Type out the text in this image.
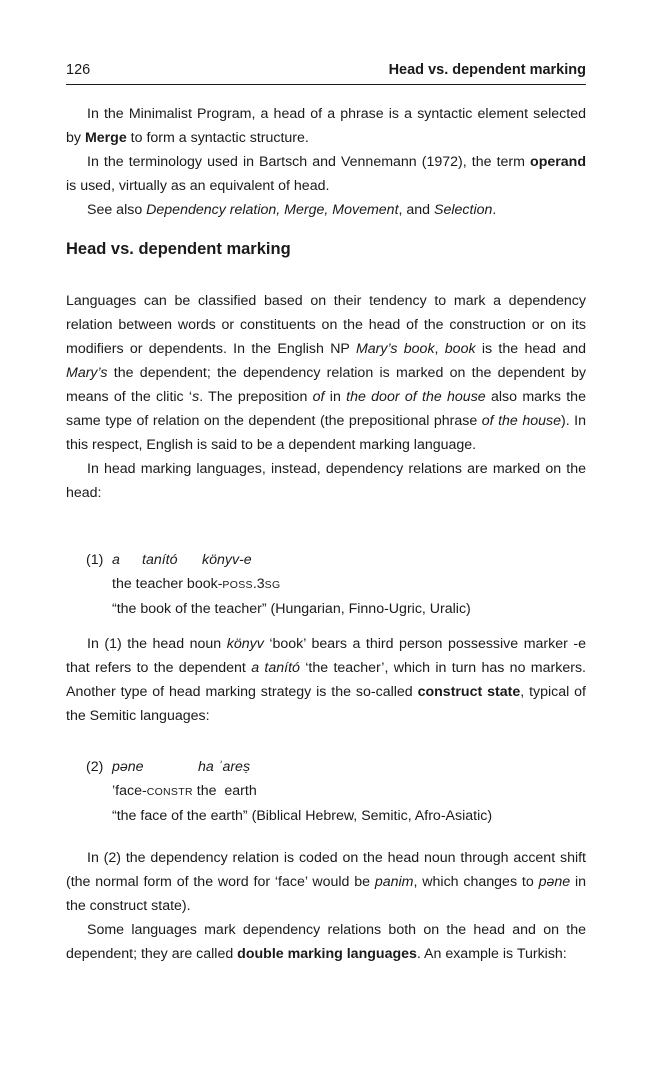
126	Head vs. dependent marking

In the Minimalist Program, a head of a phrase is a syntactic element selected by Merge to form a syntactic structure.

In the terminology used in Bartsch and Vennemann (1972), the term operand is used, virtually as an equivalent of head.

See also Dependency relation, Merge, Movement, and Selection.

Head vs. dependent marking

Languages can be classified based on their tendency to mark a dependency relation between words or constituents on the head of the construction or on its modifiers or dependents. In the English NP Mary’s book, book is the head and Mary’s the dependent; the dependency relation is marked on the dependent by means of the clitic ‘s. The preposition of in the door of the house also marks the same type of relation on the dependent (the prepositional phrase of the house). In this respect, English is said to be a dependent marking language.

In head marking languages, instead, dependency relations are marked on the head:

(1) a	tanító	könyv-e
the teacher book-POSS.3SG
“the book of the teacher” (Hungarian, Finno-Ugric, Uralic)

In (1) the head noun könyv ‘book’ bears a third person possessive marker -e that refers to the dependent a tanító ‘the teacher’, which in turn has no markers. Another type of head marking strategy is the so-called construct state, typical of the Semitic languages:

(2) pəne	ha ʾareṣ
’face-CONSTR the  earth
“the face of the earth” (Biblical Hebrew, Semitic, Afro-Asiatic)

In (2) the dependency relation is coded on the head noun through accent shift (the normal form of the word for ‘face’ would be panim, which changes to pəne in the construct state).

Some languages mark dependency relations both on the head and on the dependent; they are called double marking languages. An example is Turkish:
